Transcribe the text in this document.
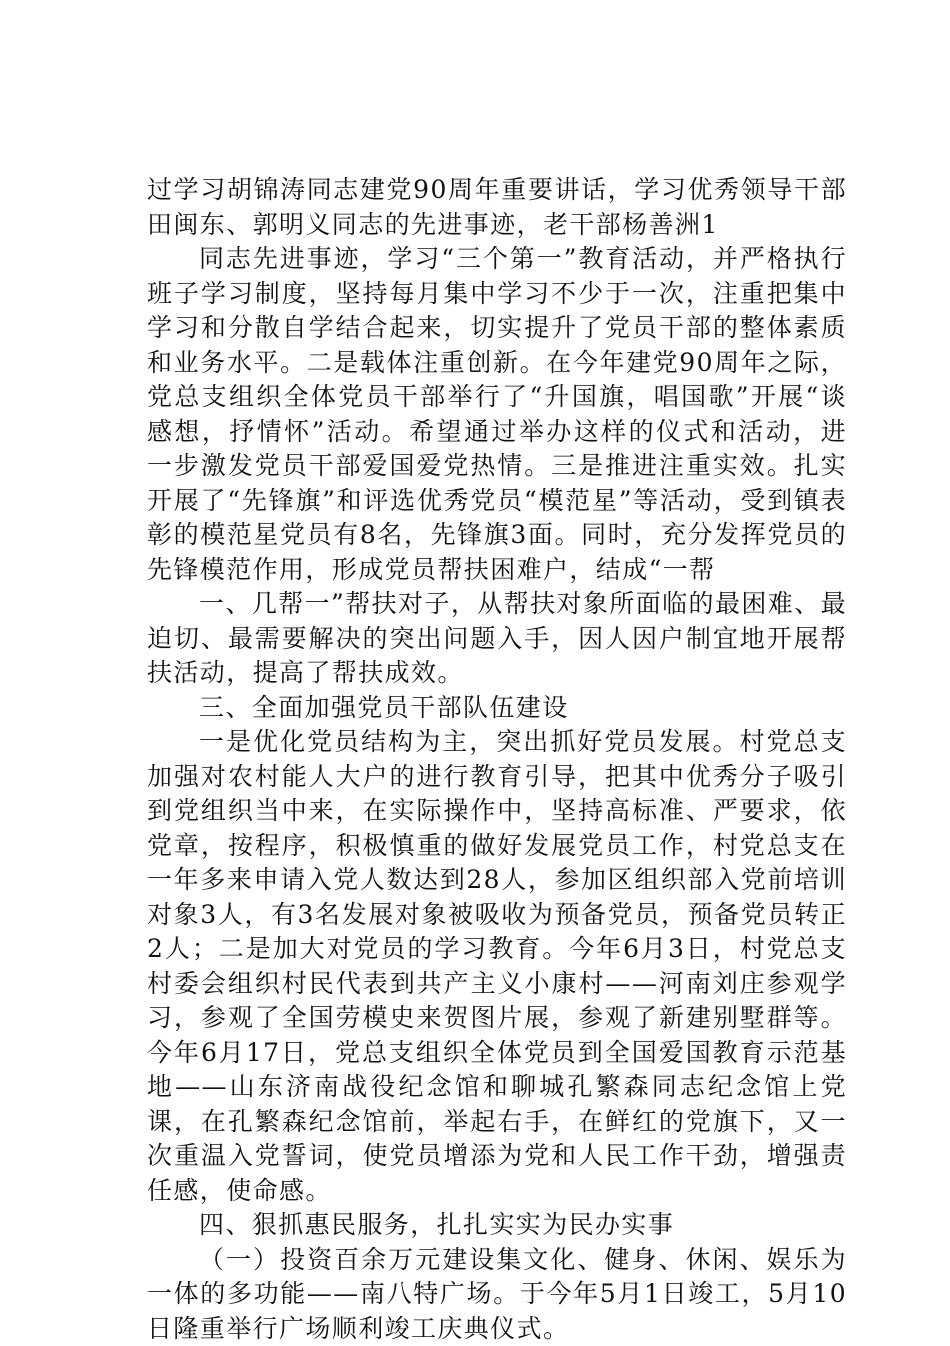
过学习胡锦涛同志建党90周年重要讲话，学习优秀领导干部田闽东、郭明义同志的先进事迹，老干部杨善洲1

同志先进事迹，学习“三个第一”教育活动，并严格执行班子学习制度，坚持每月集中学习不少于一次，注重把集中学习和分散自学结合起来，切实提升了党员干部的整体素质和业务水平。二是载体注重创新。在今年建党90周年之际，党总支组织全体党员干部举行了“升国旗，唱国歌”开展“谈感想，抒情怀”活动。希望通过举办这样的仪式和活动，进一步激发党员干部爱国爱党热情。三是推进注重实效。扎实开展了“先锋旗”和评选优秀党员“模范星”等活动，受到镇表彰的模范星党员有8名，先锋旗3面。同时，充分发挥党员的先锋模范作用，形成党员帮扶困难户，结成“一帮

一、几帮一”帮扶对子，从帮扶对象所面临的最困难、最迫切、最需要解决的突出问题入手，因人因户制宜地开展帮扶活动，提高了帮扶成效。

三、全面加强党员干部队伍建设

一是优化党员结构为主，突出抓好党员发展。村党总支加强对农村能人大户的进行教育引导，把其中优秀分子吸引到党组织当中来，在实际操作中，坚持高标准、严要求，依党章，按程序，积极慎重的做好发展党员工作，村党总支在一年多来申请入党人数达到28人，参加区组织部入党前培训对象3人，有3名发展对象被吸收为预备党员，预备党员转正2人；二是加大对党员的学习教育。今年6月3日，村党总支村委会组织村民代表到共产主义小康村——河南刘庄参观学习，参观了全国劳模史来贺图片展，参观了新建别墅群等。今年6月17日，党总支组织全体党员到全国爱国教育示范基地——山东济南战役纪念馆和聊城孔繁森同志纪念馆上党课，在孔繁森纪念馆前，举起右手，在鲜红的党旗下，又一次重温入党誓词，使党员增添为党和人民工作干劲，增强责任感，使命感。

四、狠抓惠民服务，扎扎实实为民办实事

（一）投资百余万元建设集文化、健身、休闲、娱乐为一体的多功能——南八特广场。于今年5月1日竣工，5月10日隆重举行广场顺利竣工庆典仪式。
